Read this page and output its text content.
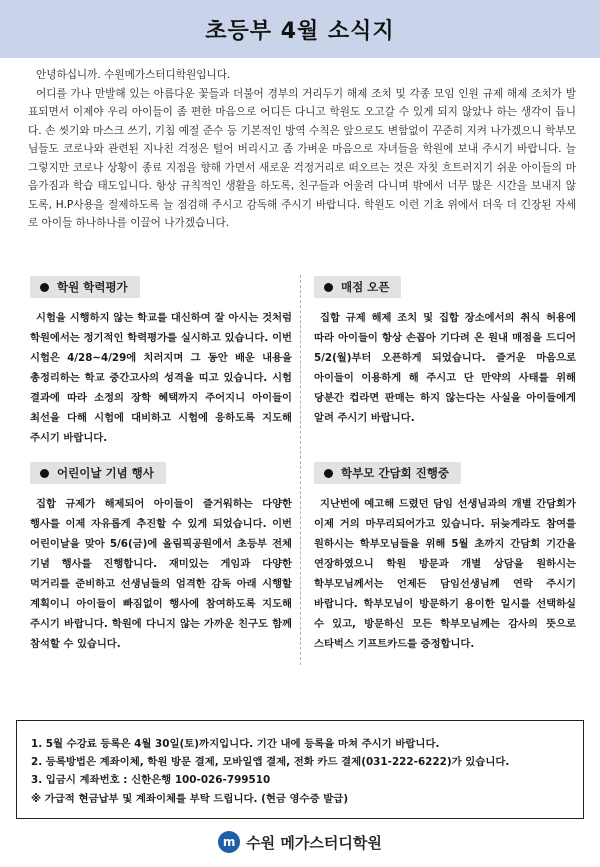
초등부 4월 소식지

안녕하십니까. 수원메가스터디학원입니다.

어디를 가나 만발해 있는 아름다운 꽃들과 더불어 경부의 거리두기 해제 조치 및 각종 모임 인원 규제 해제 조치가 발표되면서 이제야 우리 아이들이 좀 편한 마음으로 어디든 다니고 학원도 오고갈 수 있게 되지 않았나 하는 생각이 듭니다. 손 씻기와 마스크 쓰기, 기침 예절 준수 등 기본적인 방역 수칙은 앞으로도 변함없이 꾸준히 지켜 나가겠으니 학부모님들도 코로나와 관련된 지나친 걱정은 털어 버리시고 좀 가벼운 마음으로 자녀들을 학원에 보내 주시기 바랍니다. 늘 그렇지만 코로나 상황이 종료 지점을 향해 가면서 새로운 걱정거리로 떠오르는 것은 자칫 흐트러지기 쉬운 아이들의 마음가짐과 학습 태도입니다. 항상 규칙적인 생활을 하도록, 친구들과 어울려 다니며 밖에서 너무 많은 시간을 보내지 않도록, H.P사용을 절제하도록 늘 점검해 주시고 감독해 주시기 바랍니다. 학원도 이런 기초 위에서 더욱 더 긴장된 자세로 아이들 하나하나를 이끌어 나가겠습니다.

학원 학력평가

시험을 시행하지 않는 학교를 대신하여 잘 아시는 것처럼 학원에서는 정기적인 학력평가를 실시하고 있습니다. 이번 시험은 4/28~4/29에 치러지며 그 동안 배운 내용을 총정리하는 학교 중간고사의 성격을 띠고 있습니다. 시험 결과에 따라 소정의 장학 혜택까지 주어지니 아이들이 최선을 다해 시험에 대비하고 시험에 응하도록 지도해 주시기 바랍니다.

매점 오픈

집합 규제 해제 조치 및 집합 장소에서의 취식 허용에 따라 아이들이 항상 손꼽아 기다려 온 원내 매점을 드디어 5/2(월)부터 오픈하게 되었습니다. 즐거운 마음으로 아이들이 이용하게 해 주시고 단 만약의 사태를 위해 당분간 컵라면 판매는 하지 않는다는 사실을 아이들에게 알려 주시기 바랍니다.

어린이날 기념 행사

집합 규제가 해제되어 아이들이 즐거워하는 다양한 행사를 이제 자유롭게 추진할 수 있게 되었습니다. 이번 어린이날을 맞아 5/6(금)에 올림픽공원에서 초등부 전체 기념 행사를 진행합니다. 재미있는 게임과 다양한 먹거리를 준비하고 선생님들의 엄격한 감독 아래 시행할 계획이니 아이들이 빠짐없이 행사에 참여하도록 지도해 주시기 바랍니다. 학원에 다니지 않는 가까운 친구도 함께 참석할 수 있습니다.

학부모 간담회 진행중

지난번에 예고해 드렸던 담임 선생님과의 개별 간담회가 이제 거의 마무리되어가고 있습니다. 뒤늦게라도 참여를 원하시는 학부모님들을 위해 5월 초까지 간담회 기간을 연장하였으니 학원 방문과 개별 상담을 원하시는 학부모님께서는 언제든 담임선생님께 연락 주시기 바랍니다. 학부모님이 방문하기 용이한 일시를 선택하실 수 있고, 방문하신 모든 학부모님께는 감사의 뜻으로 스타벅스 기프트카드를 증정합니다.

1. 5월 수강료 등록은 4월 30일(토)까지입니다. 기간 내에 등록을 마쳐 주시기 바랍니다.
2. 등록방법은 계좌이체, 학원 방문 결제, 모바일앱 결제, 전화 카드 결제(031-222-6222)가 있습니다.
3. 입금시 계좌번호 : 신한은행 100-026-799510
※ 가급적 현금납부 및 계좌이체를 부탁 드립니다. (현금 영수증 발급)
m 수원 메가스터디학원
